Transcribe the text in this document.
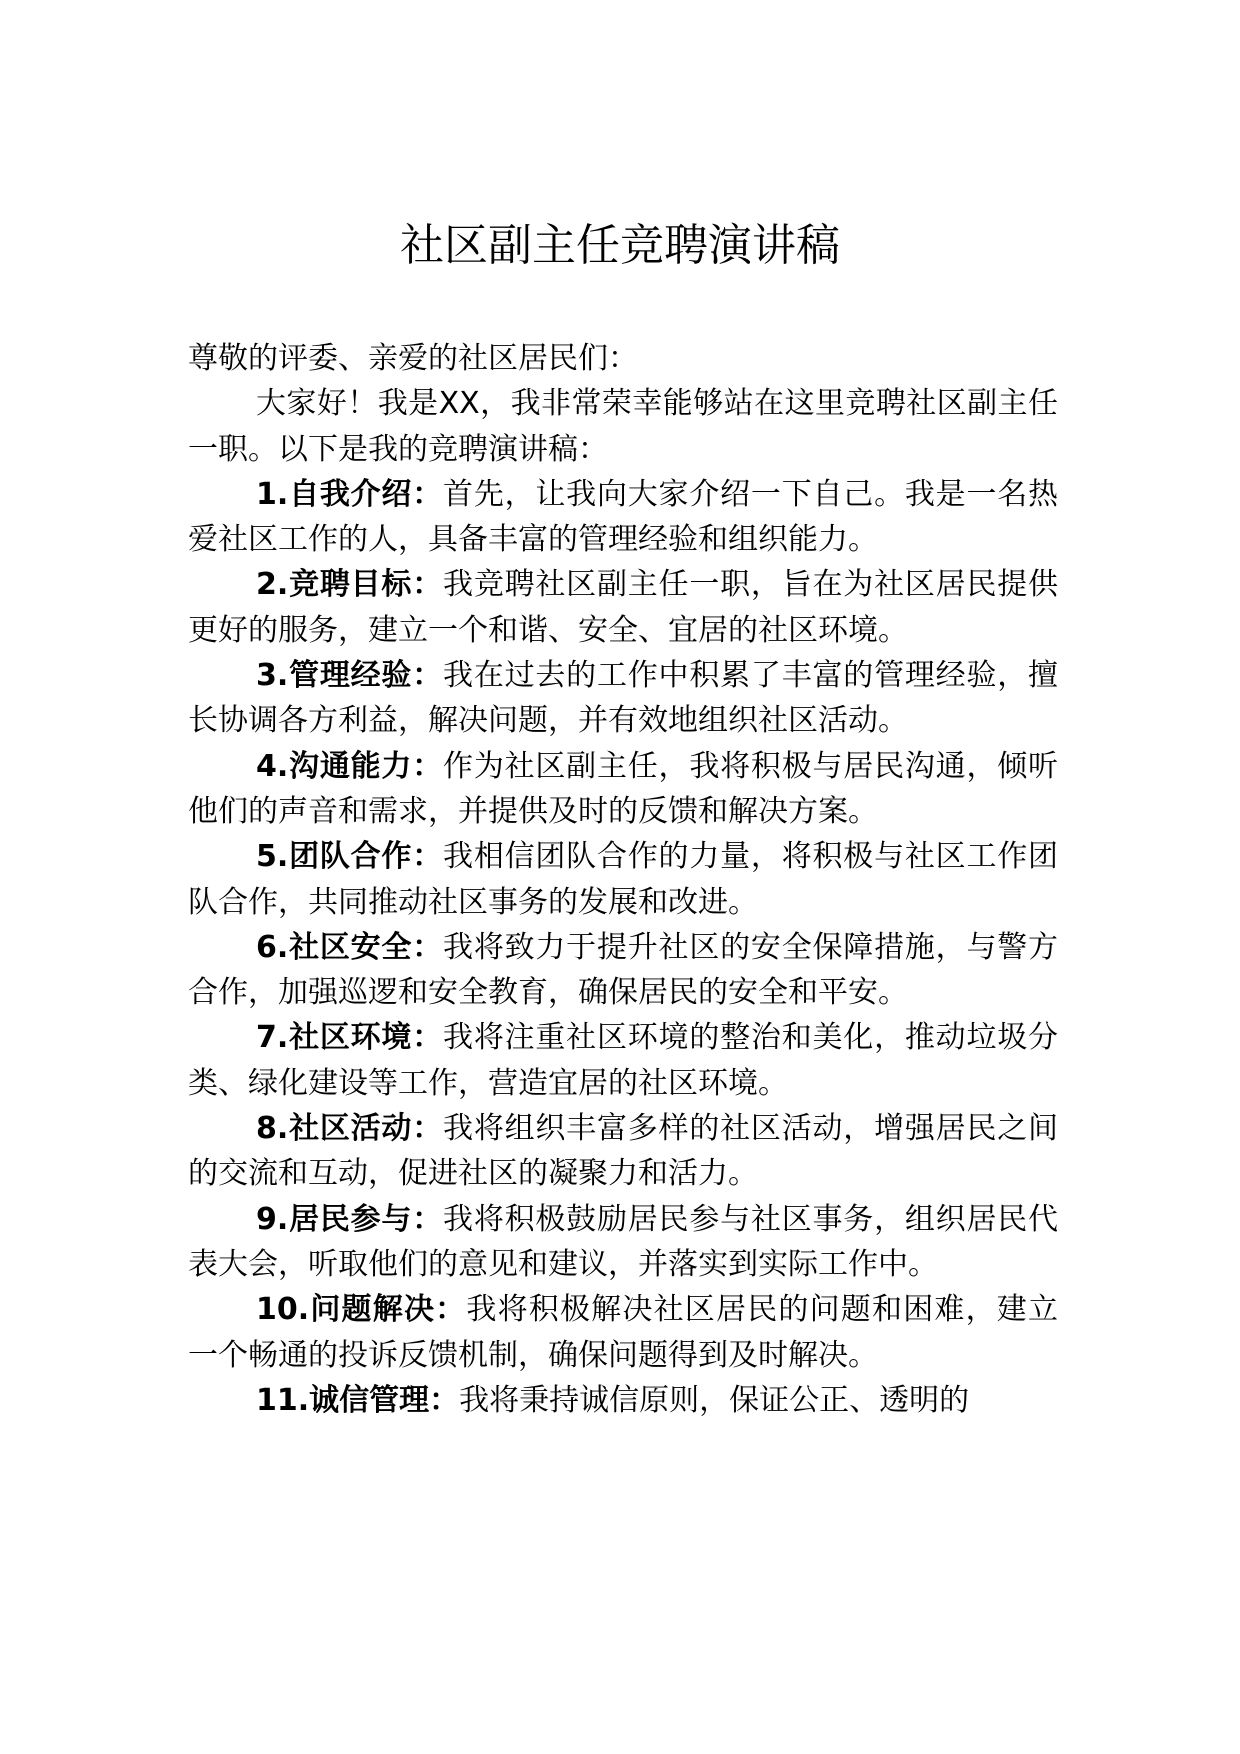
社区副主任竞聘演讲稿

尊敬的评委、亲爱的社区居民们：

大家好！我是XX，我非常荣幸能够站在这里竞聘社区副主任一职。以下是我的竞聘演讲稿：

1.自我介绍：首先，让我向大家介绍一下自己。我是一名热爱社区工作的人，具备丰富的管理经验和组织能力。

2.竞聘目标：我竞聘社区副主任一职，旨在为社区居民提供更好的服务，建立一个和谐、安全、宜居的社区环境。

3.管理经验：我在过去的工作中积累了丰富的管理经验，擅长协调各方利益，解决问题，并有效地组织社区活动。

4.沟通能力：作为社区副主任，我将积极与居民沟通，倾听他们的声音和需求，并提供及时的反馈和解决方案。

5.团队合作：我相信团队合作的力量，将积极与社区工作团队合作，共同推动社区事务的发展和改进。

6.社区安全：我将致力于提升社区的安全保障措施，与警方合作，加强巡逻和安全教育，确保居民的安全和平安。

7.社区环境：我将注重社区环境的整治和美化，推动垃圾分类、绿化建设等工作，营造宜居的社区环境。

8.社区活动：我将组织丰富多样的社区活动，增强居民之间的交流和互动，促进社区的凝聚力和活力。

9.居民参与：我将积极鼓励居民参与社区事务，组织居民代表大会，听取他们的意见和建议，并落实到实际工作中。

10.问题解决：我将积极解决社区居民的问题和困难，建立一个畅通的投诉反馈机制，确保问题得到及时解决。

11.诚信管理：我将秉持诚信原则，保证公正、透明的
